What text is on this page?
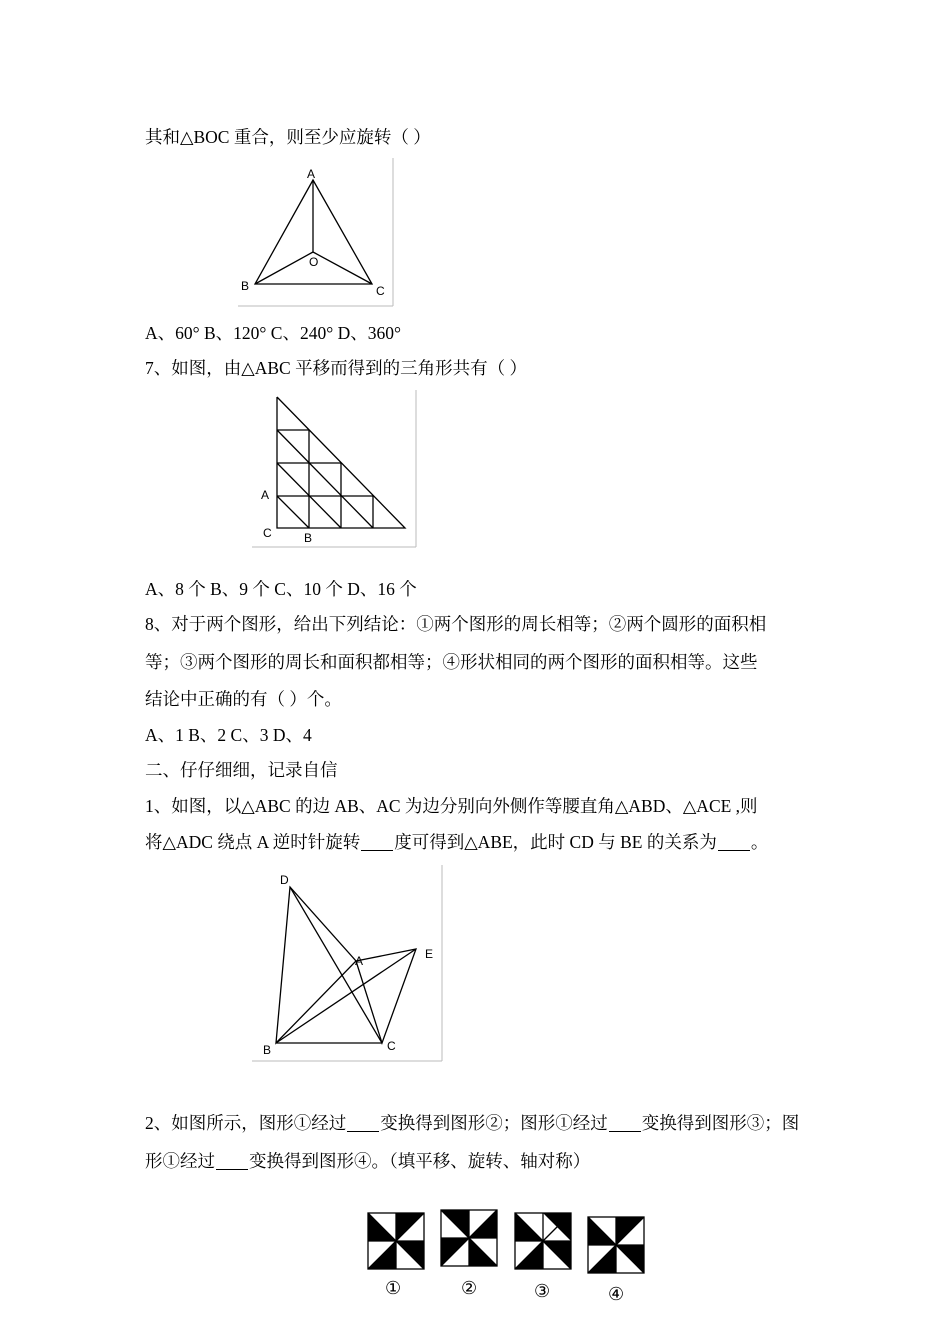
其和△BOC 重合，则至少应旋转（ ）
A
B	C
O
A、60° B、120° C、240° D、360°
7、如图，由△ABC 平移而得到的三角形共有（ ）
A
C	B
A、8 个 B、9 个 C、10 个 D、16 个
8、对于两个图形，给出下列结论：①两个图形的周长相等；②两个圆形的面积相
等；③两个图形的周长和面积都相等；④形状相同的两个图形的面积相等。这些
结论中正确的有（ ）个。
A、1 B、2 C、3 D、4
二、仔仔细细，记录自信
1、如图，以△ABC 的边 AB、AC 为边分别向外侧作等腰直角△ABD、△ACE ,则
将△ADC 绕点 A 逆时针旋转 度可得到△ABE，此时 CD 与 BE 的关系为 。
D
A	E
B	C
2、如图所示，图形①经过 变换得到图形②；图形①经过 变换得到图形③；图
形①经过 变换得到图形④。（填平移、旋转、轴对称）
①	②	③	④
